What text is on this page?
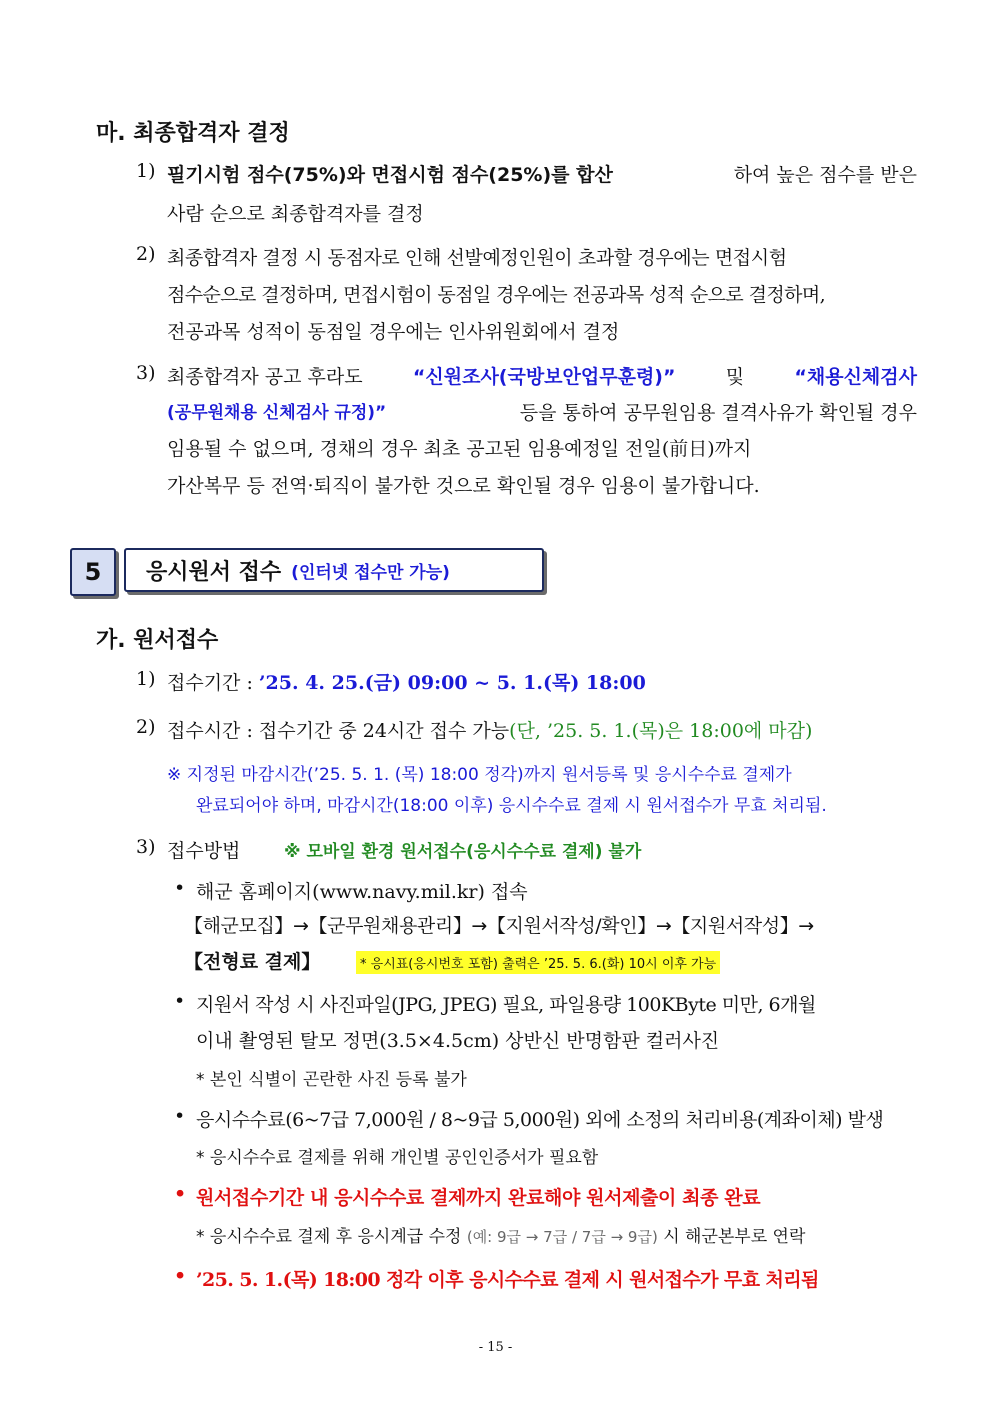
마. 최종합격자 결정
1) 필기시험 점수(75%)와 면접시험 점수(25%)를 합산	하여 높은 점수를 받은
사람 순으로 최종합격자를 결정
2) 최종합격자 결정 시 동점자로 인해 선발예정인원이 초과할 경우에는 면접시험
점수순으로 결정하며, 면접시험이 동점일 경우에는 전공과목 성적 순으로 결정하며,
전공과목 성적이 동점일 경우에는 인사위원회에서 결정
3) 최종합격자 공고 후라도	“신원조사(국방보안업무훈령)”	및	“채용신체검사
(공무원채용 신체검사 규정)”	등을 통하여 공무원임용 결격사유가 확인될 경우
임용될 수 없으며, 경채의 경우 최초 공고된 임용예정일 전일(前日)까지
가산복무 등 전역·퇴직이 불가한 것으로 확인될 경우 임용이 불가합니다.
5	응시원서 접수 (인터넷 접수만 가능)
가. 원서접수
1) 접수기간 : ’25. 4. 25.(금) 09:00 ~ 5. 1.(목) 18:00
2) 접수시간 : 접수기간 중 24시간 접수 가능(단, ’25. 5. 1.(목)은 18:00에 마감)
※ 지정된 마감시간(’25. 5. 1. (목) 18:00 정각)까지 원서등록 및 응시수수료 결제가
완료되어야 하며, 마감시간(18:00 이후) 응시수수료 결제 시 원서접수가 무효 처리됨.
3) 접수방법	※ 모바일 환경 원서접수(응시수수료 결제) 불가
• 해군 홈페이지(www.navy.mil.kr) 접속
【해군모집】→【군무원채용관리】→【지원서작성/확인】→【지원서작성】→
【전형료 결제】	* 응시표(응시번호 포함) 출력은 ’25. 5. 6.(화) 10시 이후 가능
• 지원서 작성 시 사진파일(JPG, JPEG) 필요, 파일용량 100KByte 미만, 6개월
이내 촬영된 탈모 정면(3.5×4.5cm) 상반신 반명함판 컬러사진
* 본인 식별이 곤란한 사진 등록 불가
• 응시수수료(6~7급 7,000원 / 8~9급 5,000원) 외에 소정의 처리비용(계좌이체) 발생
* 응시수수료 결제를 위해 개인별 공인인증서가 필요함
• 원서접수기간 내 응시수수료 결제까지 완료해야 원서제출이 최종 완료
* 응시수수료 결제 후 응시계급 수정 (예: 9급 → 7급 / 7급 → 9급) 시 해군본부로 연락
• ’25. 5. 1.(목) 18:00 정각 이후 응시수수료 결제 시 원서접수가 무효 처리됨
- 15 -
